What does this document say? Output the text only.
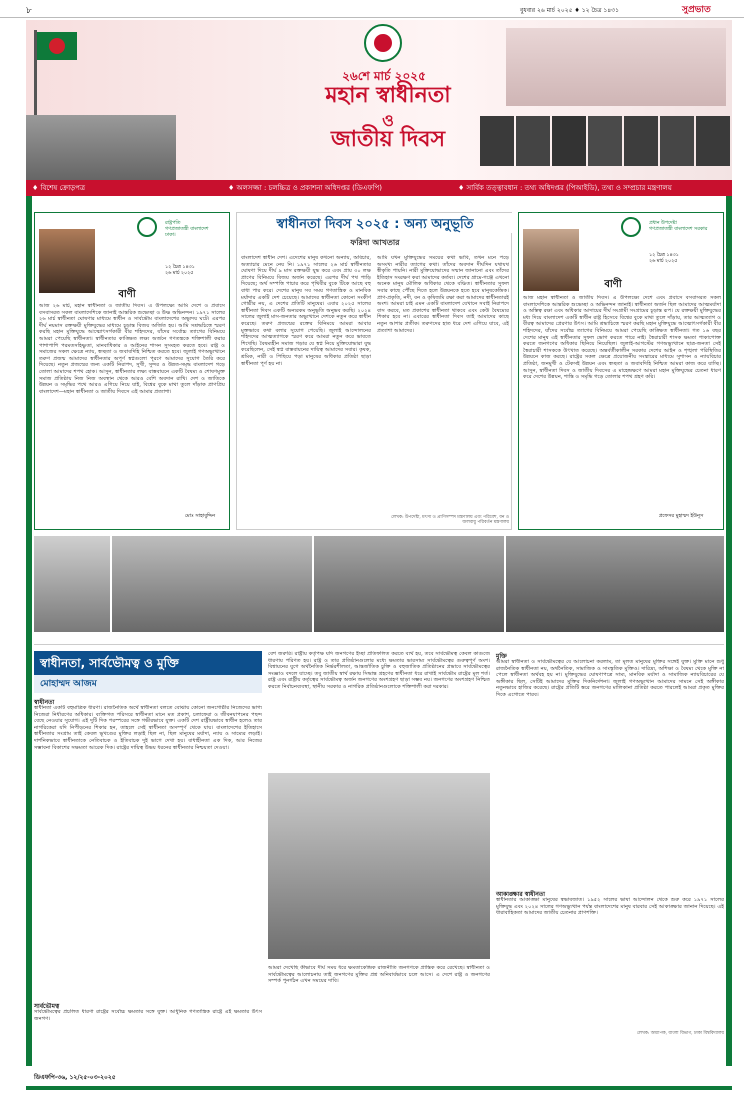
৮	বুধবার ২৬ মার্চ ২০২৫ ♦ ১২ চৈত্র ১৪৩১	সুপ্রভাত
২৬শে মার্চ ২০২৫
মহান স্বাধীনতা
ও
জাতীয় দিবস
♦ বিশেষ ক্রোড়পত্র	♦ অলসজ্জা : চলচ্চিত্র ও প্রকাশনা অধিদপ্তর (ডিএফপি)	♦ সার্বিক তত্ত্বাবধান : তথ্য অধিদপ্তর (পিআইডি), তথ্য ও সম্প্রচার মন্ত্রণালয়
রাষ্ট্রপতি
গণপ্রজাতন্ত্রী বাংলাদেশ
ঢাকা।
১২ চৈত্র ১৪৩১
২৬ মার্চ ২০২৫
বাণী
আজ ২৬ মার্চ, মহান স্বাধীনতা ও জাতীয় দিবস। এ উপলক্ষ্যে আমি দেশে ও প্রবাসে বসবাসরত সকল বাংলাদেশিকে জানাই আন্তরিক শুভেচ্ছা ও উষ্ণ অভিনন্দন। ১৯৭১ সালের ২৬ মার্চ স্বাধীনতা ঘোষণার মাধ্যমে স্বাধীন ও সার্বভৌম বাংলাদেশের অভ্যুদয় ঘটে। এরপর দীর্ঘ নয়মাস রক্তক্ষয়ী মুক্তিযুদ্ধের মাধ্যমে চূড়ান্ত বিজয় অর্জিত হয়। আমি সশ্রদ্ধচিত্তে স্মরণ করছি মহান মুক্তিযুদ্ধে আত্মোৎসর্গকারী বীর শহিদদের, যাঁদের সর্বোচ্চ ত্যাগের বিনিময়ে আমরা পেয়েছি স্বাধীনতা। স্বাধীনতার কাঙ্ক্ষিত লক্ষ্য অর্জনে গণতন্ত্রকে শক্তিশালী করার পাশাপাশি পরমতসহিষ্ণুতা, মানবাধিকার ও আইনের শাসন সুসংহত করতে হবে। রাষ্ট্র ও সমাজের সকল ক্ষেত্রে ন্যায়, স্বচ্ছতা ও জবাবদিহি নিশ্চিত করতে হবে। জুলাই গণঅভ্যুত্থানে তরুণ প্রজন্ম আমাদের স্বাধীনতার অপূর্ণ স্বপ্নগুলো পূরণে আমাদের সুযোগ তৈরি করে দিয়েছে। নতুন প্রজন্মের জন্য একটি নিরাপদ, সুখী, সুন্দর ও উন্নত-সমৃদ্ধ বাংলাদেশ গড়ে তোলা আমাদের শপথ হোক। আসুন, স্বাধীনতার লক্ষ্য বাস্তবায়নে একটি বৈষম্য ও শোষণমুক্ত সমাজ প্রতিষ্ঠায় নিজ নিজ অবস্থান থেকে আরও বেশি অবদান রাখি। দেশ ও জাতিকে উন্নয়ন ও সমৃদ্ধির পথে আরও এগিয়ে নিয়ে যাই, বিশ্বের বুকে মাথা তুলে দাঁড়াক প্রাণপ্রিয় বাংলাদেশ—মহান স্বাধীনতা ও জাতীয় দিবসে এই আমার প্রত্যাশা।
মোঃ সাহাবুদ্দিন
স্বাধীনতা দিবস ২০২৫ : অন্য অনুভূতি
ফরিদা আখতার
বাংলাদেশ স্বাধীন দেশ। এদেশের মানুষ কখনো অন্যায়, অবিচার, অত্যাচার মেনে নেয় নি। ১৯৭১ সালের ২৬ মার্চ স্বাধীনতার ঘোষণা দিয়ে দীর্ঘ ৯ মাস রক্তক্ষয়ী যুদ্ধ করে এবং প্রায় ৩০ লক্ষ প্রাণের বিনিময়ে বিজয় অর্জন করেছে। এরপর দীর্ঘ পথ পাড়ি দিয়েছে; অর্থ সম্পত্তি পাচার করে পৃথিবীর বুকে টিকে আছে বহু বাধা পার করে। দেশের মানুষ সব সময় গণতান্ত্রিক ও মানবিক মর্যাদার একটি দেশ চেয়েছে। আমাদের স্বাধীনতা কোনো সংকীর্ণ গোষ্ঠীর নয়, এ দেশের প্রতিটি মানুষের। এবার ২০২৫ সালের স্বাধীনতা দিবস একটি অন্যরকম অনুভূতি অনুভব করছি। ২০২৪ সালের জুলাই মাস-জনতার অভ্যুত্থানে দেশকে নতুন করে স্বাধীন করেছে। তরুণ প্রজন্মের রক্তের বিনিময়ে আমরা আবার মুক্তভাবে কথা বলার সুযোগ পেয়েছি। জুলাই আন্দোলনের শহিদদের আত্মত্যাগকে স্মরণ করে আমরা নতুন করে ভাবতে শিখেছি। বৈষম্যহীন সমাজ গড়ার যে স্বপ্ন নিয়ে মুক্তিযোদ্ধারা যুদ্ধ করেছিলেন, সেই স্বপ্ন বাস্তবায়নের দায়িত্ব আমাদের সবার। কৃষক, শ্রমিক, নারী ও পিছিয়ে পড়া মানুষের অধিকার প্রতিষ্ঠা ছাড়া স্বাধীনতা পূর্ণ হয় না।
আমি যখন মুক্তিযুদ্ধের সময়ের কথা ভাবি, তখন মনে পড়ে অসংখ্য নারীর ত্যাগের কথা। তাঁদের অবদান দীর্ঘদিন যথাযথ স্বীকৃতি পায়নি। নারী মুক্তিযোদ্ধাদের সম্মান জানানো এবং তাঁদের ইতিহাস সংরক্ষণ করা আমাদের কর্তব্য। দেশের গ্রামে-গঞ্জে এখনো অনেক মানুষ মৌলিক অধিকার থেকে বঞ্চিত। স্বাধীনতার সুফল সবার কাছে পৌঁছে দিতে হলে উন্নয়নকে হতে হবে মানুষকেন্দ্রিক। প্রাণ-প্রকৃতি, নদী, বন ও কৃষিজমি রক্ষা করা আমাদের স্বাধীনতারই অংশ। আমরা চাই এমন একটি বাংলাদেশ যেখানে সবাই নিরাপদে বাস করবে, মত প্রকাশের স্বাধীনতা থাকবে এবং কেউ বৈষম্যের শিকার হবে না। এবারের স্বাধীনতা দিবস তাই আমাদের কাছে নতুন আশার প্রতীক। তরুণদের হাত ধরে দেশ এগিয়ে যাবে, এই প্রত্যাশা আমাদের।
লেখক: উপদেষ্টা, মৎস্য ও প্রাণিসম্পদ মন্ত্রণালয় এবং পরিবেশ, বন ও জলবায়ু পরিবর্তন মন্ত্রণালয়
প্রধান উপদেষ্টা
গণপ্রজাতন্ত্রী বাংলাদেশ সরকার
১২ চৈত্র ১৪৩১
২৬ মার্চ ২০২৫
বাণী
আজ মহান স্বাধীনতা ও জাতীয় দিবস। এ উপলক্ষ্যে দেশে এবং প্রবাসে বসবাসরত সকল বাংলাদেশিকে আন্তরিক শুভেচ্ছা ও অভিনন্দন জানাই। স্বাধীনতা অর্জন ছিল আমাদের আত্মমর্যাদা ও অস্তিত্ব রক্ষা এবং অধিকার আদায়ের দীর্ঘ সংগ্রামী সংগ্রামের চূড়ান্ত রূপ। যে রক্তক্ষয়ী মুক্তিযুদ্ধের মধ্য দিয়ে বাংলাদেশ একটি স্বাধীন রাষ্ট্র হিসেবে বিশ্বের বুকে মাথা তুলে দাঁড়ায়, তার আত্মত্যাগ ও বীরত্ব আমাদের প্রেরণার উৎস। আমি শ্রদ্ধাচিত্তে স্মরণ করছি মহান মুক্তিযুদ্ধে আত্মোৎসর্গকারী বীর শহিদদের, যাঁদের সর্বোচ্চ ত্যাগের বিনিময়ে আমরা পেয়েছি কাঙ্ক্ষিত স্বাধীনতা। গত ১৬ বছর দেশের মানুষ এই স্বাধীনতার সুফল ভোগ করতে পারে নাই। স্বৈরাচারী শাসক ক্ষমতা পাকাপোক্ত করতে জনগণের অধিকার ছিনিয়ে নিয়েছিল। জুলাই-আগস্টের গণঅভ্যুত্থানে ছাত্র-জনতা সেই স্বৈরাচারী শাসককে উৎখাত করেছে। অন্তর্বর্তীকালীন সরকার দেশের আইন ও শৃঙ্খলা পরিস্থিতির উন্নয়নে কাজ করছে। রাষ্ট্রের সকল ক্ষেত্রে প্রয়োজনীয় সংস্কারের মাধ্যমে সুশাসন ও ন্যায়বিচার প্রতিষ্ঠা, জনমুখী ও টেকসই উন্নয়ন এবং স্বচ্ছতা ও জবাবদিহি নিশ্চিত আমরা কাজ করে যাচ্ছি। আসুন, স্বাধীনতা দিবস ও জাতীয় দিবসের এ মাহেন্দ্রক্ষণে আমরা মহান মুক্তিযুদ্ধের চেতনা ধারণ করে দেশের উন্নয়ন, শান্তি ও সমৃদ্ধি গড়ে তোলার শপথ গ্রহণ করি।
প্রফেসর মুহাম্মদ ইউনূস
স্বাধীনতা, সার্বভৌমত্ব ও মুক্তি
মোহাম্মদ আজম
স্বাধীনতা
স্বাধীনতা একটি বহুমাত্রিক ধারণা। রাজনৈতিক অর্থে স্বাধীনতা বলতে বোঝায় কোনো জনগোষ্ঠীর নিজেদের ভাগ্য নিজেরা নির্ধারণের অধিকার। ব্যক্তিগত পরিসরে স্বাধীনতা মানে মত প্রকাশ, চলাফেরা ও জীবনযাপনের পছন্দ বেছে নেওয়ার সুযোগ। এই দুটি দিক পরস্পরের সঙ্গে গভীরভাবে যুক্ত। একটি দেশ রাষ্ট্রীয়ভাবে স্বাধীন হলেও তার নাগরিকেরা যদি নিপীড়নের শিকার হন, তাহলে সেই স্বাধীনতা অসম্পূর্ণ থেকে যায়। বাংলাদেশের ইতিহাসে স্বাধীনতার সংগ্রাম তাই কেবল ভূখণ্ডের মুক্তির লড়াই ছিল না, ছিল মানুষের মর্যাদা, ন্যায় ও সাম্যের লড়াই। দার্শনিকভাবে স্বাধীনতাকে নেতিবাচক ও ইতিবাচক দুই ভাগে দেখা হয়। বাধাহীনতা এক দিক, আর নিজের সম্ভাবনা বিকাশের সক্ষমতা আরেক দিক। রাষ্ট্রের দায়িত্ব উভয় ধরনের স্বাধীনতার নিশ্চয়তা দেওয়া।
সার্বভৌমত্ব
সার্বভৌমত্বের প্রচলিত ধারণা রাষ্ট্রের সর্বোচ্চ ক্ষমতার সঙ্গে যুক্ত। আধুনিক গণতান্ত্রিক রাষ্ট্রে এই ক্ষমতার উৎস জনগণ।
বেশ জরুরি। রাষ্ট্রীয় কর্তৃপক্ষ যদি জনগণের ইচ্ছা প্রতিফলিত করতে ব্যর্থ হয়, তবে সার্বভৌমত্ব কেবল কাগুজে ধারণায় পরিণত হয়। রাষ্ট্র ও তার প্রতিষ্ঠানগুলোর মধ্যে ক্ষমতার ভারসাম্য সার্বভৌমত্বের গুরুত্বপূর্ণ অংশ। বিশ্বায়নের যুগে অর্থনৈতিক নির্ভরশীলতা, আন্তর্জাতিক চুক্তি ও বহুজাতিক প্রতিষ্ঠানের প্রভাবে সার্বভৌমত্বের সংজ্ঞাও বদলে যাচ্ছে। তবু জাতীয় স্বার্থ রক্ষায় সিদ্ধান্ত গ্রহণের স্বাধীনতা ধরে রাখাই সার্বভৌম রাষ্ট্রের মূল শর্ত। রাষ্ট্র এবং রাষ্ট্রীয় কর্তৃত্বের সার্বভৌমত্ব অর্জন জনগণের অংশগ্রহণ ছাড়া সম্ভব নয়। জনগণের অংশগ্রহণ নিশ্চিত করতে নির্বাচনব্যবস্থা, স্থানীয় সরকার ও নাগরিক প্রতিষ্ঠানগুলোকে শক্তিশালী করা দরকার।
আমরা দেখেছি কীভাবে দীর্ঘ সময় ধরে ক্ষমতাকেন্দ্রিক রাজনীতি জনগণকে প্রান্তিক করে রেখেছে। স্বাধীনতা ও সার্বভৌমত্বের আলোচনায় তাই জনগণের মুক্তির প্রশ্ন অনিবার্যভাবে চলে আসে। এ দেশে রাষ্ট্র ও জনগণের সম্পর্ক পুনর্গঠন এখন সময়ের দাবি।
মুক্তি
আমরা স্বাধীনতা ও সার্বভৌমত্বের যে আলোচনা করলাম, তা মূলত মানুষের মুক্তির সঙ্গেই যুক্ত। মুক্তি মানে শুধু রাজনৈতিক স্বাধীনতা নয়, অর্থনৈতিক, সামাজিক ও সাংস্কৃতিক মুক্তিও। দারিদ্র্য, অশিক্ষা ও বৈষম্য থেকে মুক্তি না পেলে স্বাধীনতা অর্থবহ হয় না। মুক্তিযুদ্ধের ঘোষণাপত্রে সাম্য, মানবিক মর্যাদা ও সামাজিক ন্যায়বিচারের যে অঙ্গীকার ছিল, সেটিই আমাদের মুক্তির দিকনির্দেশনা। জুলাই গণঅভ্যুত্থান আমাদের সামনে সেই অঙ্গীকার নতুনভাবে হাজির করেছে। রাষ্ট্রের প্রতিটি স্তরে জনগণের মালিকানা প্রতিষ্ঠা করতে পারলেই আমরা প্রকৃত মুক্তির দিকে এগোতে পারব।
আকাঙ্ক্ষার স্বাধীনতা
স্বাধীনতার আকাঙ্ক্ষা মানুষের স্বভাবজাত। ১৯৫২ সালের ভাষা আন্দোলন থেকে শুরু করে ১৯৭১ সালের মুক্তিযুদ্ধ এবং ২০২৪ সালের গণঅভ্যুত্থান পর্যন্ত বাংলাদেশের মানুষ বারবার সেই আকাঙ্ক্ষার জানান দিয়েছে। এই ধারাবাহিকতা আমাদের জাতীয় চেতনার প্রাণশক্তি।
লেখক: অধ্যাপক, বাংলা বিভাগ, ঢাকা বিশ্ববিদ্যালয়
ডিএফপি-৩৬, ১২/২৫-০৩-২০২৫
